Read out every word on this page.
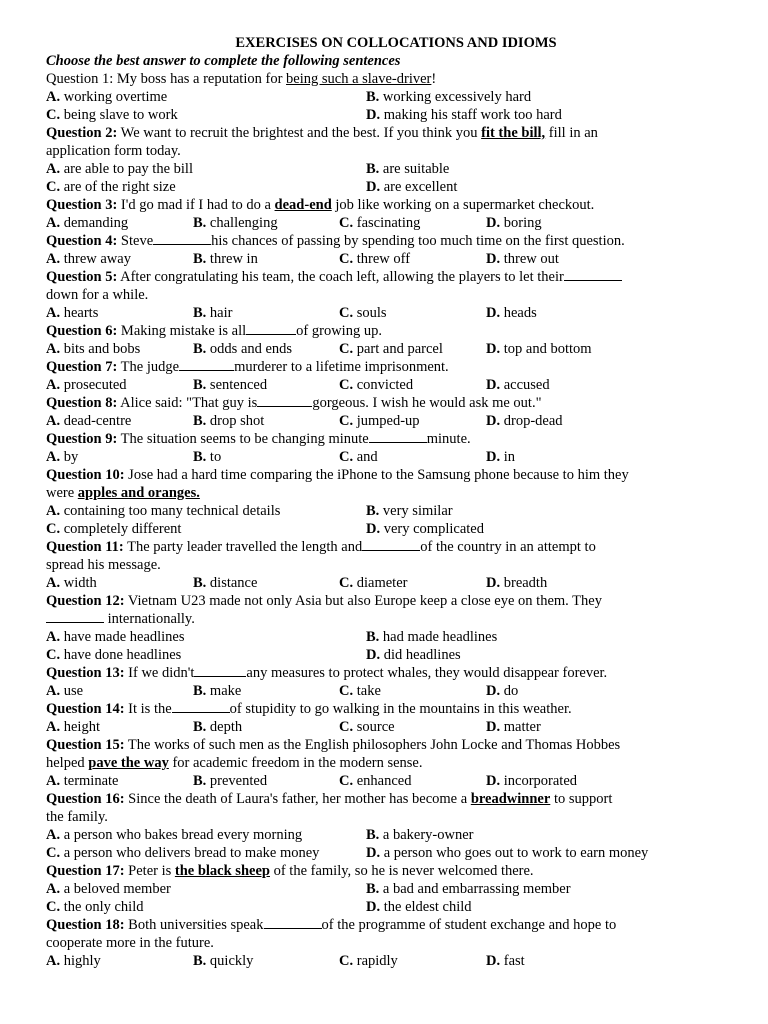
EXERCISES ON COLLOCATIONS AND IDIOMS
Choose the best answer to complete the following sentences
Question 1: My boss has a reputation for being such a slave-driver!
A. working overtime	B. working excessively hard
C. being slave to work	D. making his staff work too hard
Question 2: We want to recruit the brightest and the best. If you think you fit the bill, fill in an
application form today.
A. are able to pay the bill	B. are suitable
C. are of the right size	D. are excellent
Question 3: I'd go mad if I had to do a dead-end job like working on a supermarket checkout.
A. demanding	B. challenging	C. fascinating	D. boring
Question 4: Steve	his chances of passing by spending too much time on the first question.
A. threw away	B. threw in	C. threw off	D. threw out
Question 5: After congratulating his team, the coach left, allowing the players to let their
down for a while.
A. hearts	B. hair	C. souls	D. heads
Question 6: Making mistake is all	of growing up.
A. bits and bobs	B. odds and ends	C. part and parcel	D. top and bottom
Question 7: The judge	murderer to a lifetime imprisonment.
A. prosecuted	B. sentenced	C. convicted	D. accused
Question 8: Alice said: "That guy is	gorgeous. I wish he would ask me out."
A. dead-centre	B. drop shot	C. jumped-up	D. drop-dead
Question 9: The situation seems to be changing minute	minute.
A. by	B. to	C. and	D. in
Question 10: Jose had a hard time comparing the iPhone to the Samsung phone because to him they
were apples and oranges.
A. containing too many technical details	B. very similar
C. completely different	D. very complicated
Question 11: The party leader travelled the length and	of the country in an attempt to
spread his message.
A. width	B. distance	C. diameter	D. breadth
Question 12: Vietnam U23 made not only Asia but also Europe keep a close eye on them. They
internationally.
A. have made headlines	B. had made headlines
C. have done headlines	D. did headlines
Question 13: If we didn't	any measures to protect whales, they would disappear forever.
A. use	B. make	C. take	D. do
Question 14: It is the	of stupidity to go walking in the mountains in this weather.
A. height	B. depth	C. source	D. matter
Question 15: The works of such men as the English philosophers John Locke and Thomas Hobbes
helped pave the way for academic freedom in the modern sense.
A. terminate	B. prevented	C. enhanced	D. incorporated
Question 16: Since the death of Laura's father, her mother has become a breadwinner to support
the family.
A. a person who bakes bread every morning	B. a bakery-owner
C. a person who delivers bread to make money	D. a person who goes out to work to earn money
Question 17: Peter is the black sheep of the family, so he is never welcomed there.
A. a beloved member	B. a bad and embarrassing member
C. the only child	D. the eldest child
Question 18: Both universities speak	of the programme of student exchange and hope to
cooperate more in the future.
A. highly	B. quickly	C. rapidly	D. fast
